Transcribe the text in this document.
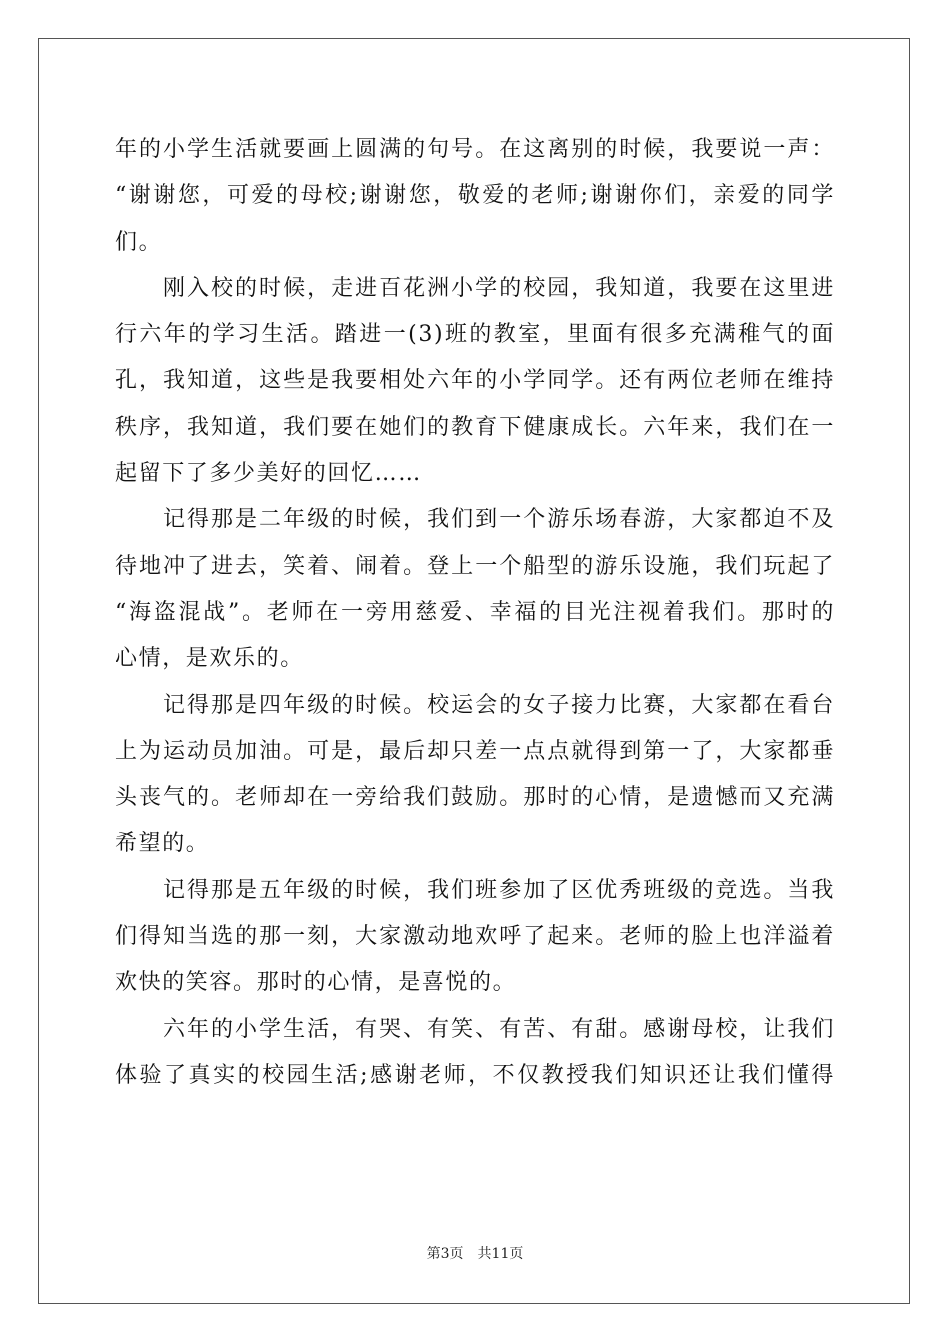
年的小学生活就要画上圆满的句号。在这离别的时候，我要说一声：
“谢谢您，可爱的母校;谢谢您，敬爱的老师;谢谢你们，亲爱的同学
们。
刚入校的时候，走进百花洲小学的校园，我知道，我要在这里进
行六年的学习生活。踏进一(3)班的教室，里面有很多充满稚气的面
孔，我知道，这些是我要相处六年的小学同学。还有两位老师在维持
秩序，我知道，我们要在她们的教育下健康成长。六年来，我们在一
起留下了多少美好的回忆……
记得那是二年级的时候，我们到一个游乐场春游，大家都迫不及
待地冲了进去，笑着、闹着。登上一个船型的游乐设施，我们玩起了
“海盗混战”。老师在一旁用慈爱、幸福的目光注视着我们。那时的
心情，是欢乐的。
记得那是四年级的时候。校运会的女子接力比赛，大家都在看台
上为运动员加油。可是，最后却只差一点点就得到第一了，大家都垂
头丧气的。老师却在一旁给我们鼓励。那时的心情，是遗憾而又充满
希望的。
记得那是五年级的时候，我们班参加了区优秀班级的竞选。当我
们得知当选的那一刻，大家激动地欢呼了起来。老师的脸上也洋溢着
欢快的笑容。那时的心情，是喜悦的。
六年的小学生活，有哭、有笑、有苦、有甜。感谢母校，让我们
体验了真实的校园生活;感谢老师，不仅教授我们知识还让我们懂得
第3页 共11页
